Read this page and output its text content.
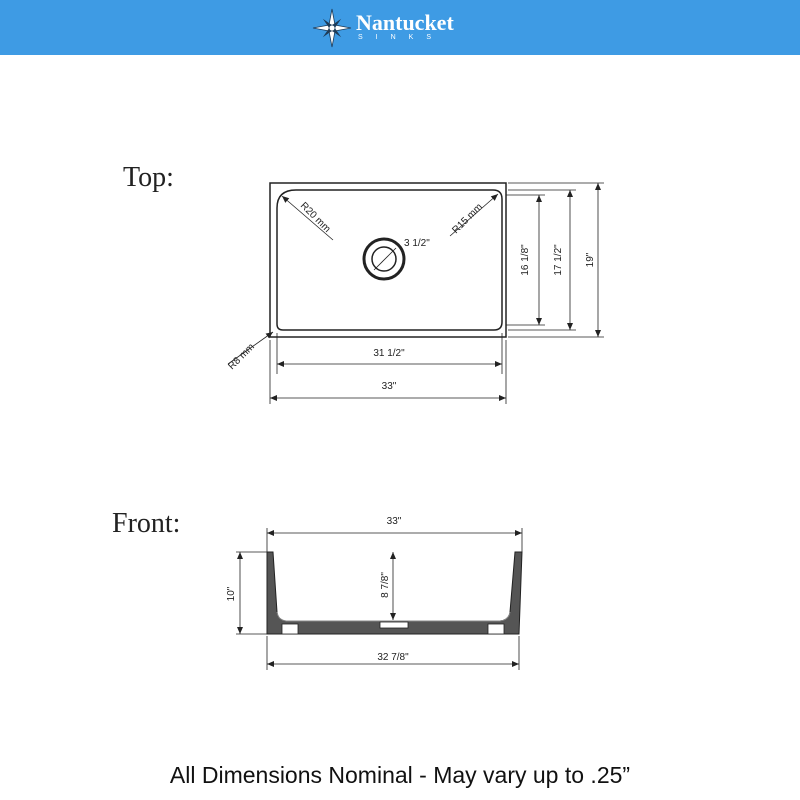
Nantucket
SINKS
Top:
Front:
R20 mm	R15 mm
R8 mm
3 1/2"
31 1/2"
33"
16 1/8" 17 1/2" 19"
33"
10"	8 7/8"
32 7/8"
All Dimensions Nominal - May vary up to .25”
